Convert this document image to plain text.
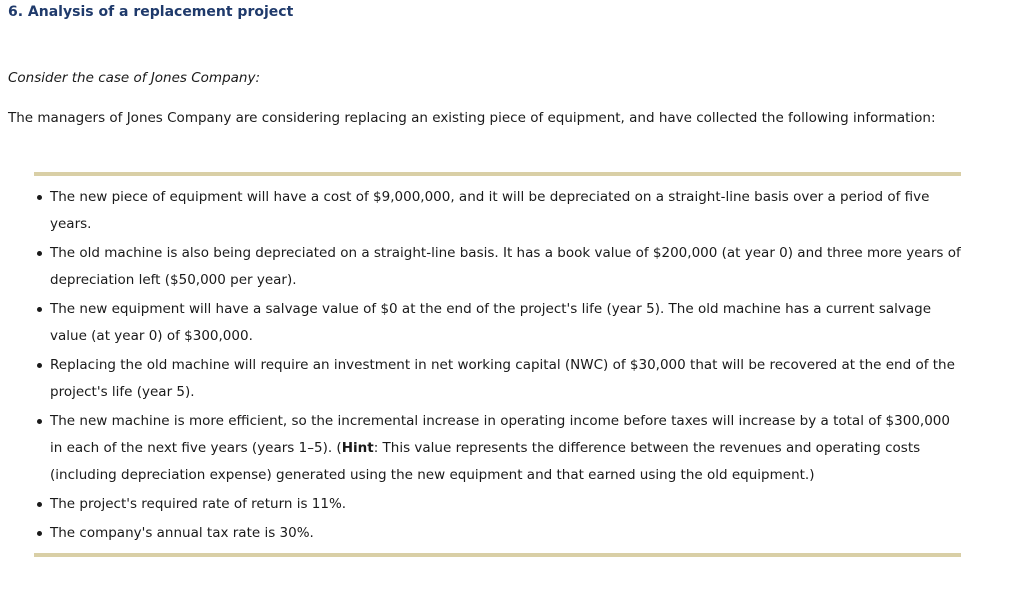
6. Analysis of a replacement project

Consider the case of Jones Company:

The managers of Jones Company are considering replacing an existing piece of equipment, and have collected the following information:

The new piece of equipment will have a cost of $9,000,000, and it will be depreciated on a straight-line basis over a period of five years.
The old machine is also being depreciated on a straight-line basis. It has a book value of $200,000 (at year 0) and three more years of depreciation left ($50,000 per year).
The new equipment will have a salvage value of $0 at the end of the project's life (year 5). The old machine has a current salvage value (at year 0) of $300,000.
Replacing the old machine will require an investment in net working capital (NWC) of $30,000 that will be recovered at the end of the project's life (year 5).
The new machine is more efficient, so the incremental increase in operating income before taxes will increase by a total of $300,000 in each of the next five years (years 1–5). (Hint: This value represents the difference between the revenues and operating costs (including depreciation expense) generated using the new equipment and that earned using the old equipment.)
The project's required rate of return is 11%.
The company's annual tax rate is 30%.
